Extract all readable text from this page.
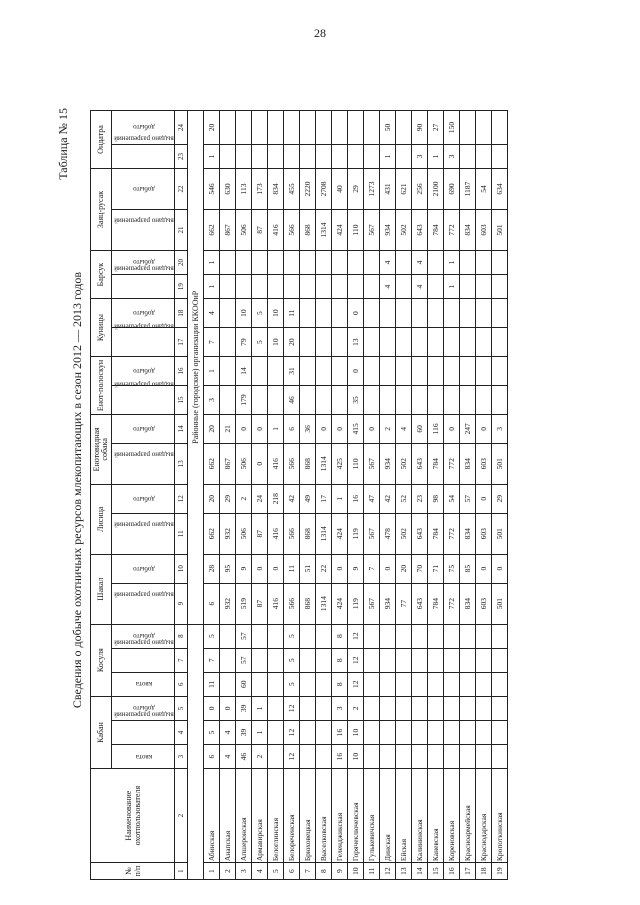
28
Таблица № 15
Сведения о добыче охотничьих ресурсов млекопитающих в сезон 2012 — 2013 годов
№ п/п	Наименование охотпользователя	Кабан			Косуля			Шакал		Лисица		Енотовидная собака		Енот-полоскун		Куницы		Барсук		Заяц-русак		Ондатра	
		квота	выдано разрешений	добыто	квота	выдано разрешений	добыто	выдано разрешений	добыто	выдано разрешений	добыто	выдано разрешений	добыто	выдано разрешений	добыто	выдано разрешений	добыто	выдано разрешений	добыто	выдано разрешений	добыто	выдано разрешений	добыто
1	2	3	4	5	6	7	8	9	10	11	12	13	14	15	16	17	18	19	20	21	22	23	24
								Районные (городские) организации ККООиР															
1	Абинская	6	5	0	11	7	5	6	28	662	20	662	20	3	1	7	4	1	1	662	546	1	20
2	Анапская	4	4	0				932	95	932	29	867	21							867	630		
3	Апшеронская	46	39	39	60	57	57	519	9	506	2	506	0	179	14	79	10			506	113		
4	Армавирская	2	1	1				87	0	87	24	0	0			5	5			87	173		
5	Белоглинская							416	0	416	218	416	1			10	10			416	834		
6	Белореченская	12	12	12	5	5	5	566	11	566	42	566	6	46	31	20	11			566	455		
7	Брюховецкая							868	51	868	49	868	36							868	2220		
8	Выселковская							1314	22	1314	17	1314	0							1314	2708		
9	Геленджикская	16	16	3	8	8	8	424	0	424	1	425	0							424	40		
10	Горячеключевская	10	10	2	12	12	12	119	9	119	16	110	415	35	0	13	0			110	29		
11	Гулькевичская							567	7	567	47	567	0							567	1273		
12	Динская							934	0	478	42	934	2					4	4	934	431	1	50
13	Ейская							77	20	502	52	502	4							502	621		
14	Калининская							643	70	643	23	643	60					4	4	643	256	3	90
15	Каневская							784	71	784	98	784	116							784	2100	1	27
16	Кореновская							772	75	772	54	772	0					1	1	772	690	3	150
17	Красноармейская							834	85	834	57	834	247							834	1187		
18	Краснодарская							603	0	603	0	603	0							603	54		
19	Кропоткинская							501	0	501	29	501	3							501	634		
